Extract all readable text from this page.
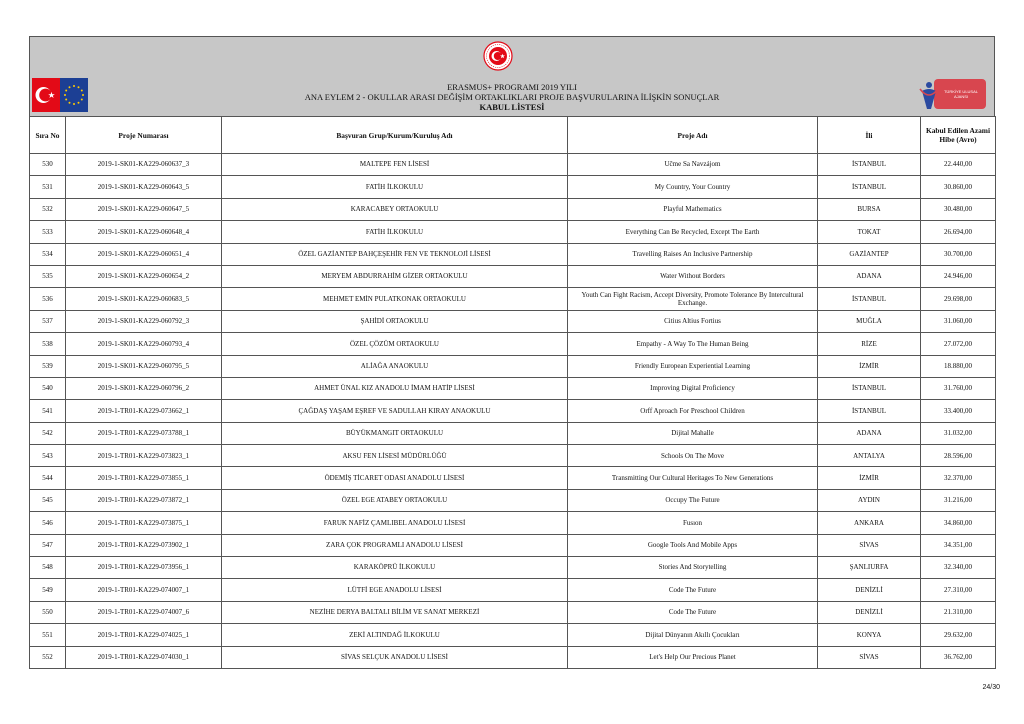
TÜRKİYE ULUSAL AJANSI
ERASMUS+ PROGRAMI 2019 YILI
ANA EYLEM 2 - OKULLAR ARASI DEĞİŞİM ORTAKLIKLARI PROJE BAŞVURULARINA İLİŞKİN SONUÇLAR
KABUL LİSTESİ
Sıra No	Proje Numarası	Başvuran Grup/Kurum/Kuruluş Adı	Proje Adı	İli	Kabul Edilen Azami Hibe (Avro)
530	2019-1-SK01-KA229-060637_3	MALTEPE FEN LİSESİ	Učme Sa Navzájom	İSTANBUL	22.440,00
531	2019-1-SK01-KA229-060643_5	FATİH İLKOKULU	My Country, Your Country	İSTANBUL	30.860,00
532	2019-1-SK01-KA229-060647_5	KARACABEY ORTAOKULU	Playful Mathematics	BURSA	30.480,00
533	2019-1-SK01-KA229-060648_4	FATİH İLKOKULU	Everything Can Be Recycled, Except The Earth	TOKAT	26.694,00
534	2019-1-SK01-KA229-060651_4	ÖZEL GAZİANTEP BAHÇEŞEHİR FEN VE TEKNOLOJİ LİSESİ	Travelling Raises An Inclusive Partnership	GAZİANTEP	30.700,00
535	2019-1-SK01-KA229-060654_2	MERYEM ABDURRAHİM GİZER ORTAOKULU	Water Without Borders	ADANA	24.946,00
536	2019-1-SK01-KA229-060683_5	MEHMET EMİN PULATKONAK ORTAOKULU	Youth Can Fight Racism, Accept Diversity, Promote Tolerance By Intercultural Exchange.	İSTANBUL	29.698,00
537	2019-1-SK01-KA229-060792_3	ŞAHİDİ ORTAOKULU	Citius Altius Fortius	MUĞLA	31.060,00
538	2019-1-SK01-KA229-060793_4	ÖZEL ÇÖZÜM ORTAOKULU	Empathy - A Way To The Human Being	RİZE	27.072,00
539	2019-1-SK01-KA229-060795_5	ALİAĞA ANAOKULU	Friendly European Experiential Learning	İZMİR	18.880,00
540	2019-1-SK01-KA229-060796_2	AHMET ÜNAL KIZ ANADOLU İMAM HATİP LİSESİ	Improving Digital Proficiency	İSTANBUL	31.760,00
541	2019-1-TR01-KA229-073662_1	ÇAĞDAŞ YAŞAM EŞREF VE SADULLAH KIRAY ANAOKULU	Orff Aproach For Preschool Children	İSTANBUL	33.400,00
542	2019-1-TR01-KA229-073788_1	BÜYÜKMANGIT ORTAOKULU	Dijital Mahalle	ADANA	31.032,00
543	2019-1-TR01-KA229-073823_1	AKSU FEN LİSESİ MÜDÜRLÜĞÜ	Schools On The Move	ANTALYA	28.596,00
544	2019-1-TR01-KA229-073855_1	ÖDEMİŞ TİCARET ODASI ANADOLU LİSESİ	Transmitting Our Cultural Heritages To New Generations	İZMİR	32.370,00
545	2019-1-TR01-KA229-073872_1	ÖZEL EGE ATABEY ORTAOKULU	Occupy The Future	AYDIN	31.216,00
546	2019-1-TR01-KA229-073875_1	FARUK NAFİZ ÇAMLIBEL ANADOLU LİSESİ	Fusıon	ANKARA	34.860,00
547	2019-1-TR01-KA229-073902_1	ZARA ÇOK PROGRAMLI ANADOLU LİSESİ	Google Tools And Mobile Apps	SİVAS	34.351,00
548	2019-1-TR01-KA229-073956_1	KARAKÖPRÜ İLKOKULU	Stories And Storytelling	ŞANLIURFA	32.340,00
549	2019-1-TR01-KA229-074007_1	LÜTFİ EGE ANADOLU LİSESİ	Code The Future	DENİZLİ	27.310,00
550	2019-1-TR01-KA229-074007_6	NEZİHE DERYA BALTALI BİLİM VE SANAT MERKEZİ	Code The Future	DENİZLİ	21.310,00
551	2019-1-TR01-KA229-074025_1	ZEKİ ALTINDAĞ İLKOKULU	Dijital Dünyanın Akıllı Çocukları	KONYA	29.632,00
552	2019-1-TR01-KA229-074030_1	SİVAS SELÇUK ANADOLU LİSESİ	Let's Help Our Precious Planet	SİVAS	36.762,00
24/30
